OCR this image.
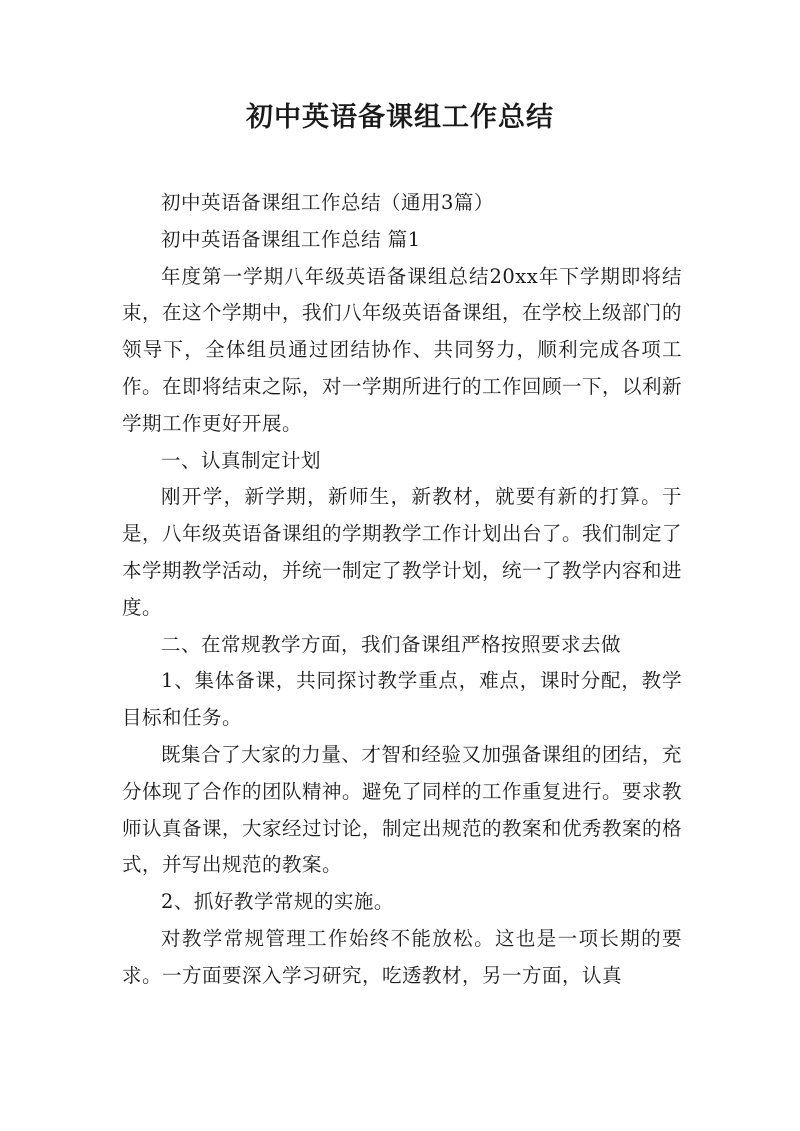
初中英语备课组工作总结

初中英语备课组工作总结（通用3篇）

初中英语备课组工作总结 篇1

年度第一学期八年级英语备课组总结20xx年下学期即将结束，在这个学期中，我们八年级英语备课组，在学校上级部门的领导下，全体组员通过团结协作、共同努力，顺利完成各项工作。在即将结束之际，对一学期所进行的工作回顾一下，以利新学期工作更好开展。

一、认真制定计划

刚开学，新学期，新师生，新教材，就要有新的打算。于是，八年级英语备课组的学期教学工作计划出台了。我们制定了本学期教学活动，并统一制定了教学计划，统一了教学内容和进度。

二、在常规教学方面，我们备课组严格按照要求去做

1、集体备课，共同探讨教学重点，难点，课时分配，教学目标和任务。

既集合了大家的力量、才智和经验又加强备课组的团结，充分体现了合作的团队精神。避免了同样的工作重复进行。要求教师认真备课，大家经过讨论，制定出规范的教案和优秀教案的格式，并写出规范的教案。

2、抓好教学常规的实施。

对教学常规管理工作始终不能放松。这也是一项长期的要求。一方面要深入学习研究，吃透教材，另一方面，认真
